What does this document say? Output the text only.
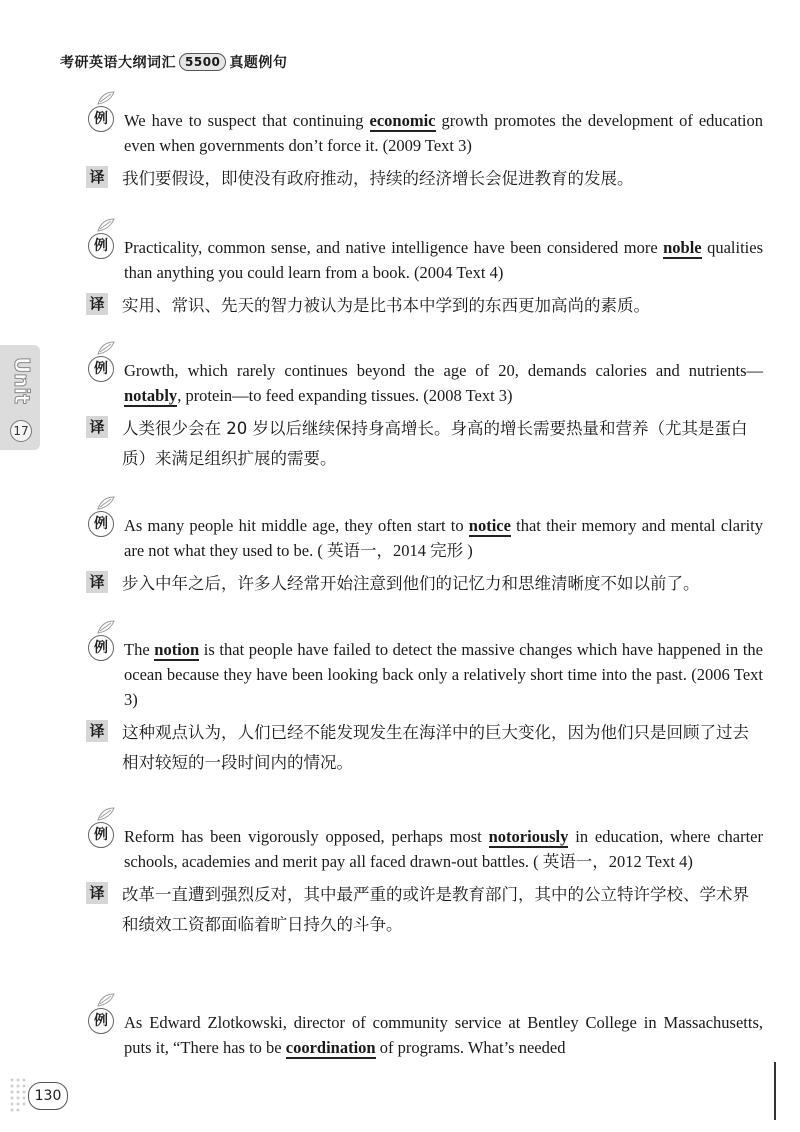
考研英语大纲词汇 5500 真题例句
Unit
17
例 We have to suspect that continuing economic growth promotes the development of education even when governments don’t force it. (2009 Text 3)
译 我们要假设，即使没有政府推动，持续的经济增长会促进教育的发展。
例 Practicality, common sense, and native intelligence have been considered more noble qualities than anything you could learn from a book. (2004 Text 4)
译 实用、常识、先天的智力被认为是比书本中学到的东西更加高尚的素质。
例 Growth, which rarely continues beyond the age of 20, demands calories and nutrients— notably, protein—to feed expanding tissues. (2008 Text 3)
译 人类很少会在 20 岁以后继续保持身高增长。身高的增长需要热量和营养（尤其是蛋白质）来满足组织扩展的需要。
例 As many people hit middle age, they often start to notice that their memory and mental clarity are not what they used to be. ( 英语一，2014 完形 )
译 步入中年之后，许多人经常开始注意到他们的记忆力和思维清晰度不如以前了。
例 The notion is that people have failed to detect the massive changes which have happened in the ocean because they have been looking back only a relatively short time into the past. (2006 Text 3)
译 这种观点认为，人们已经不能发现发生在海洋中的巨大变化，因为他们只是回顾了过去相对较短的一段时间内的情况。
例 Reform has been vigorously opposed, perhaps most notoriously in education, where charter schools, academies and merit pay all faced drawn-out battles. ( 英语一，2012 Text 4)
译 改革一直遭到强烈反对，其中最严重的或许是教育部门，其中的公立特许学校、学术界和绩效工资都面临着旷日持久的斗争。
例 As Edward Zlotkowski, director of community service at Bentley College in Massachusetts, puts it, “There has to be coordination of programs. What’s needed
130
